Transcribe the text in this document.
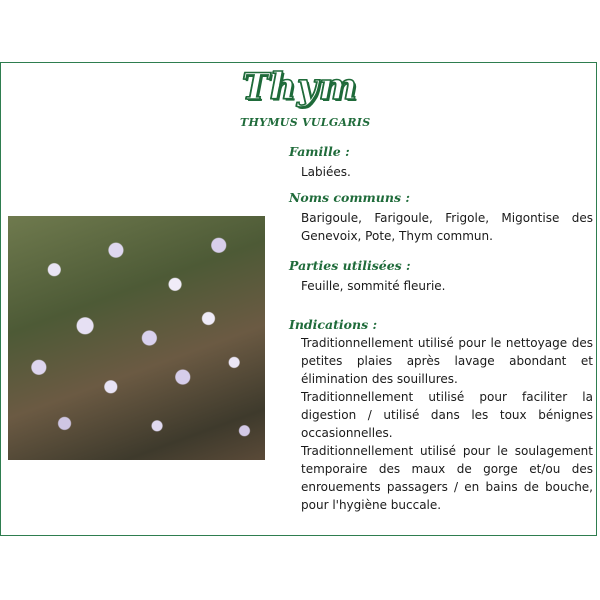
Thym
THYMUS VULGARIS
Famille :
Labiées.
Noms communs :
Barigoule, Farigoule, Frigole, Migontise des Genevoix, Pote, Thym commun.
Parties utilisées :
Feuille, sommité fleurie.
Indications :

Traditionnellement utilisé pour le nettoyage des petites plaies après lavage abondant et élimination des souillures.

Traditionnellement utilisé pour faciliter la digestion / utilisé dans les toux bénignes occasionnelles.

Traditionnellement utilisé pour le soulagement temporaire des maux de gorge et/ou des enrouements passagers / en bains de bouche, pour l'hygiène buccale.
